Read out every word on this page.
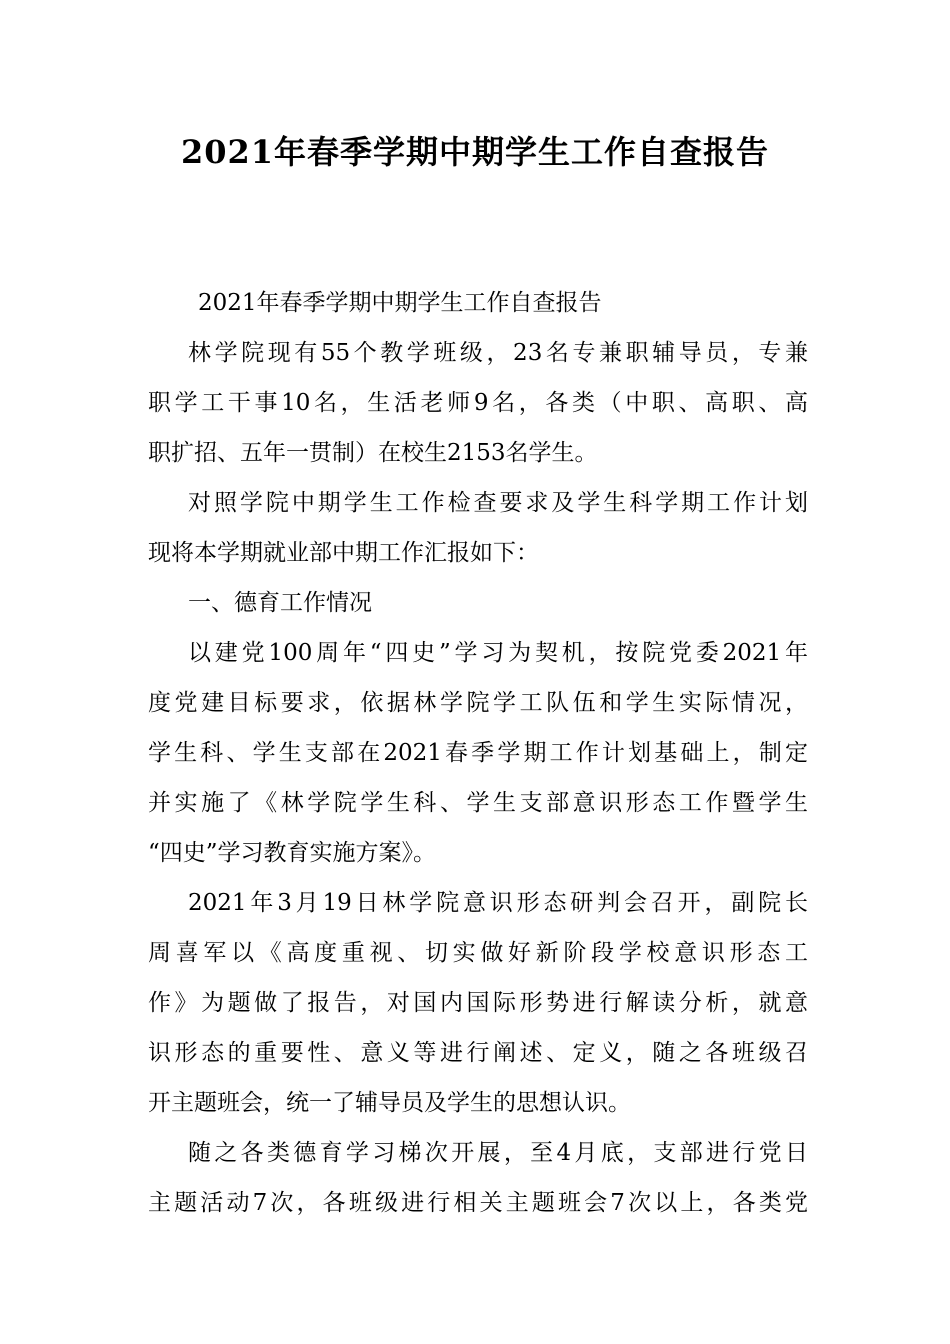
2021年春季学期中期学生工作自查报告
2021年春季学期中期学生工作自查报告
林学院现有55个教学班级，23名专兼职辅导员，专兼
职学工干事10名，生活老师9名，各类（中职、高职、高
职扩招、五年一贯制）在校生2153名学生。
对照学院中期学生工作检查要求及学生科学期工作计划
现将本学期就业部中期工作汇报如下：
一、德育工作情况
以建党100周年“四史”学习为契机，按院党委2021年
度党建目标要求，依据林学院学工队伍和学生实际情况，
学生科、学生支部在2021春季学期工作计划基础上，制定
并实施了《林学院学生科、学生支部意识形态工作暨学生
“四史”学习教育实施方案》。
2021年3月19日林学院意识形态研判会召开，副院长
周喜军以《高度重视、切实做好新阶段学校意识形态工
作》为题做了报告，对国内国际形势进行解读分析，就意
识形态的重要性、意义等进行阐述、定义，随之各班级召
开主题班会，统一了辅导员及学生的思想认识。
随之各类德育学习梯次开展，至4月底，支部进行党日
主题活动7次，各班级进行相关主题班会7次以上，各类党
